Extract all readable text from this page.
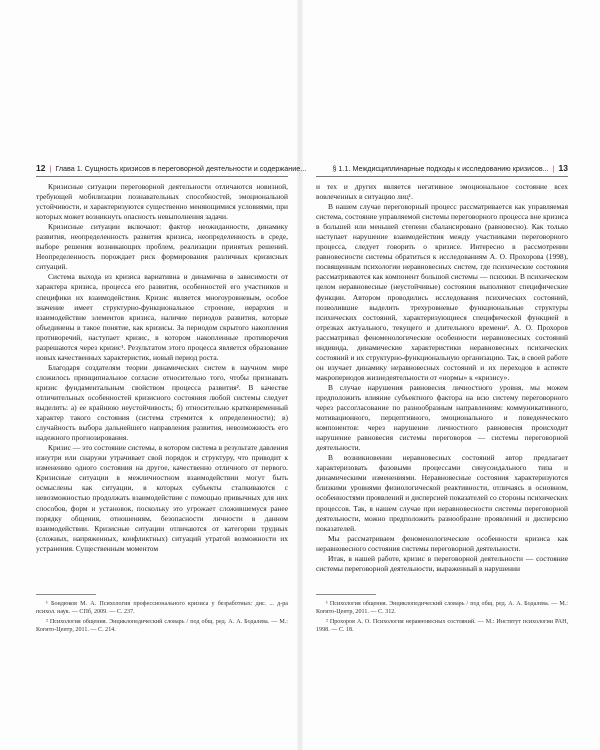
12 | Глава 1. Сущность кризисов в переговорной деятельности и содержание...

Кризисные ситуации переговорной деятельности отличаются новизной, требующей мобилизации познавательных способностей, эмоциональной устойчивости, и характеризуются существенно меняющимися условиями, при которых может возникнуть опасность невыполнения задачи.

Кризисные ситуации включают: фактор неожиданности, динамику развития, неопределенность развития кризиса, неопределенность в среде, выборе решения возникающих проблем, реализации принятых решений. Неопределенность порождает риск формирования различных кризисных ситуаций.

Система выхода из кризиса вариативна и динамична в зависимости от характера кризиса, процесса его развития, особенностей его участников и специфики их взаимодействия. Кризис является многоуровневым, особое значение имеет структурно-функциональное строение, иерархия и взаимодействие элементов кризиса, наличие периодов развития, которые объединены в такое понятие, как кризисы. За периодом скрытого накопления противоречий, наступает кризис, в котором накопленные противоречия разрешаются через кризис¹. Результатом этого процесса является образование новых качественных характеристик, новый период роста.

Благодаря создателям теории динамических систем в научном мире сложилось принципиальное согласие относительно того, чтобы признавать кризис фундаментальным свойством процесса развития². В качестве отличительных особенностей кризисного состояния любой системы следует выделить: а) ее крайнюю неустойчивость; б) относительно кратковременный характер такого состояния (система стремится к определенности); в) случайность выбора дальнейшего направления развития, невозможность его надежного прогнозирования.

Кризис — это состояние системы, в котором система в результате давления изнутри или снаружи утрачивает свой порядок и структуру, что приводит к изменению одного состояния на другое, качественно отличного от первого. Кризисные ситуации в межличностном взаимодействии могут быть осмыслены как ситуации, в которых субъекты сталкиваются с невозможностью продолжать взаимодействие с помощью привычных для них способов, форм и установок, поскольку это угрожает сложившемуся ранее порядку общения, отношениям, безопасности личности в данном взаимодействии. Кризисные ситуации отличаются от категории трудных (сложных, напряженных, конфликтных) ситуаций утратой возможности их устранения. Существенным моментом

¹ Бондюков М. А. Психология профессионального кризиса у безработных: дис. ... д-ра психол. наук. — СПб, 2009. — С. 237.

² Психология общения. Энциклопедический словарь / под общ. ред. А. А. Бодалева. — М.: Когито-Центр, 2011. — С. 214.

§ 1.1. Междисциплинарные подходы к исследованию кризисов... | 13

и тех и других является негативное эмоциональное состояние всех вовлеченных в ситуацию лиц¹.

В нашем случае переговорный процесс рассматривается как управляемая система, состояние управляемой системы переговорного процесса вне кризиса в большей или меньшей степени сбалансировано (равновесно). Как только наступает нарушение взаимодействия между участниками переговорного процесса, следует говорить о кризисе. Интересно в рассмотрении равновесности системы обратиться к исследованиям А. О. Прохорова (1998), посвященным психологии неравновесных систем, где психические состояния рассматриваются как компонент большой системы — психики. В психическом целом неравновесные (неустойчивые) состояния выполняют специфические функции. Автором проводились исследования психических состояний, позволившие выделить трехуровневые функциональные структуры психических состояний, характеризующиеся специфической функцией в отрезках актуального, текущего и длительного времени². А. О. Прохоров рассматривал феноменологические особенности неравновесных состояний индивида, динамические характеристики неравновесных психических состояний и их структурно-функциональную организацию. Так, в своей работе он изучает динамику неравновесных состояний и их переходов в аспекте макропериодов жизнедеятельности от «нормы» к «кризису».

В случае нарушения равновесия личностного уровня, мы можем предположить влияние субъектного фактора на всю систему переговорного через рассогласование по разнообразным направлениям: коммуникативного, мотивационного, перцептивного, эмоционального и поведенческого компонентов: через нарушение личностного равновесия происходит нарушение равновесия системы переговоров — системы переговорной деятельности.

В возникновении неравновесных состояний автор предлагает характеризовать фазовыми процессами синусоидального типа и динамическими изменениями. Неравновесные состояния характеризуются близкими уровнями физиологической реактивности, отличаясь в основном, особенностями проявлений и дисперсией показателей со стороны психических процессов. Так, в нашем случае при неравновесности системы переговорной деятельности, можно предположить разнообразие проявлений и дисперсию показателей.

Мы рассматриваем феноменологические особенности кризиса как неравновесного состояния системы переговорной деятельности.

Итак, в нашей работе, кризис в переговорной деятельности — состояние системы переговорной деятельности, выраженный в нарушении

¹ Психология общения. Энциклопедический словарь / под общ. ред. А. А. Бодалева. — М.: Когито-Центр, 2011. — С. 312.

² Прохоров А. О. Психология неравновесных состояний. — М.: Институт психологии РАН, 1998. — С. 18.
